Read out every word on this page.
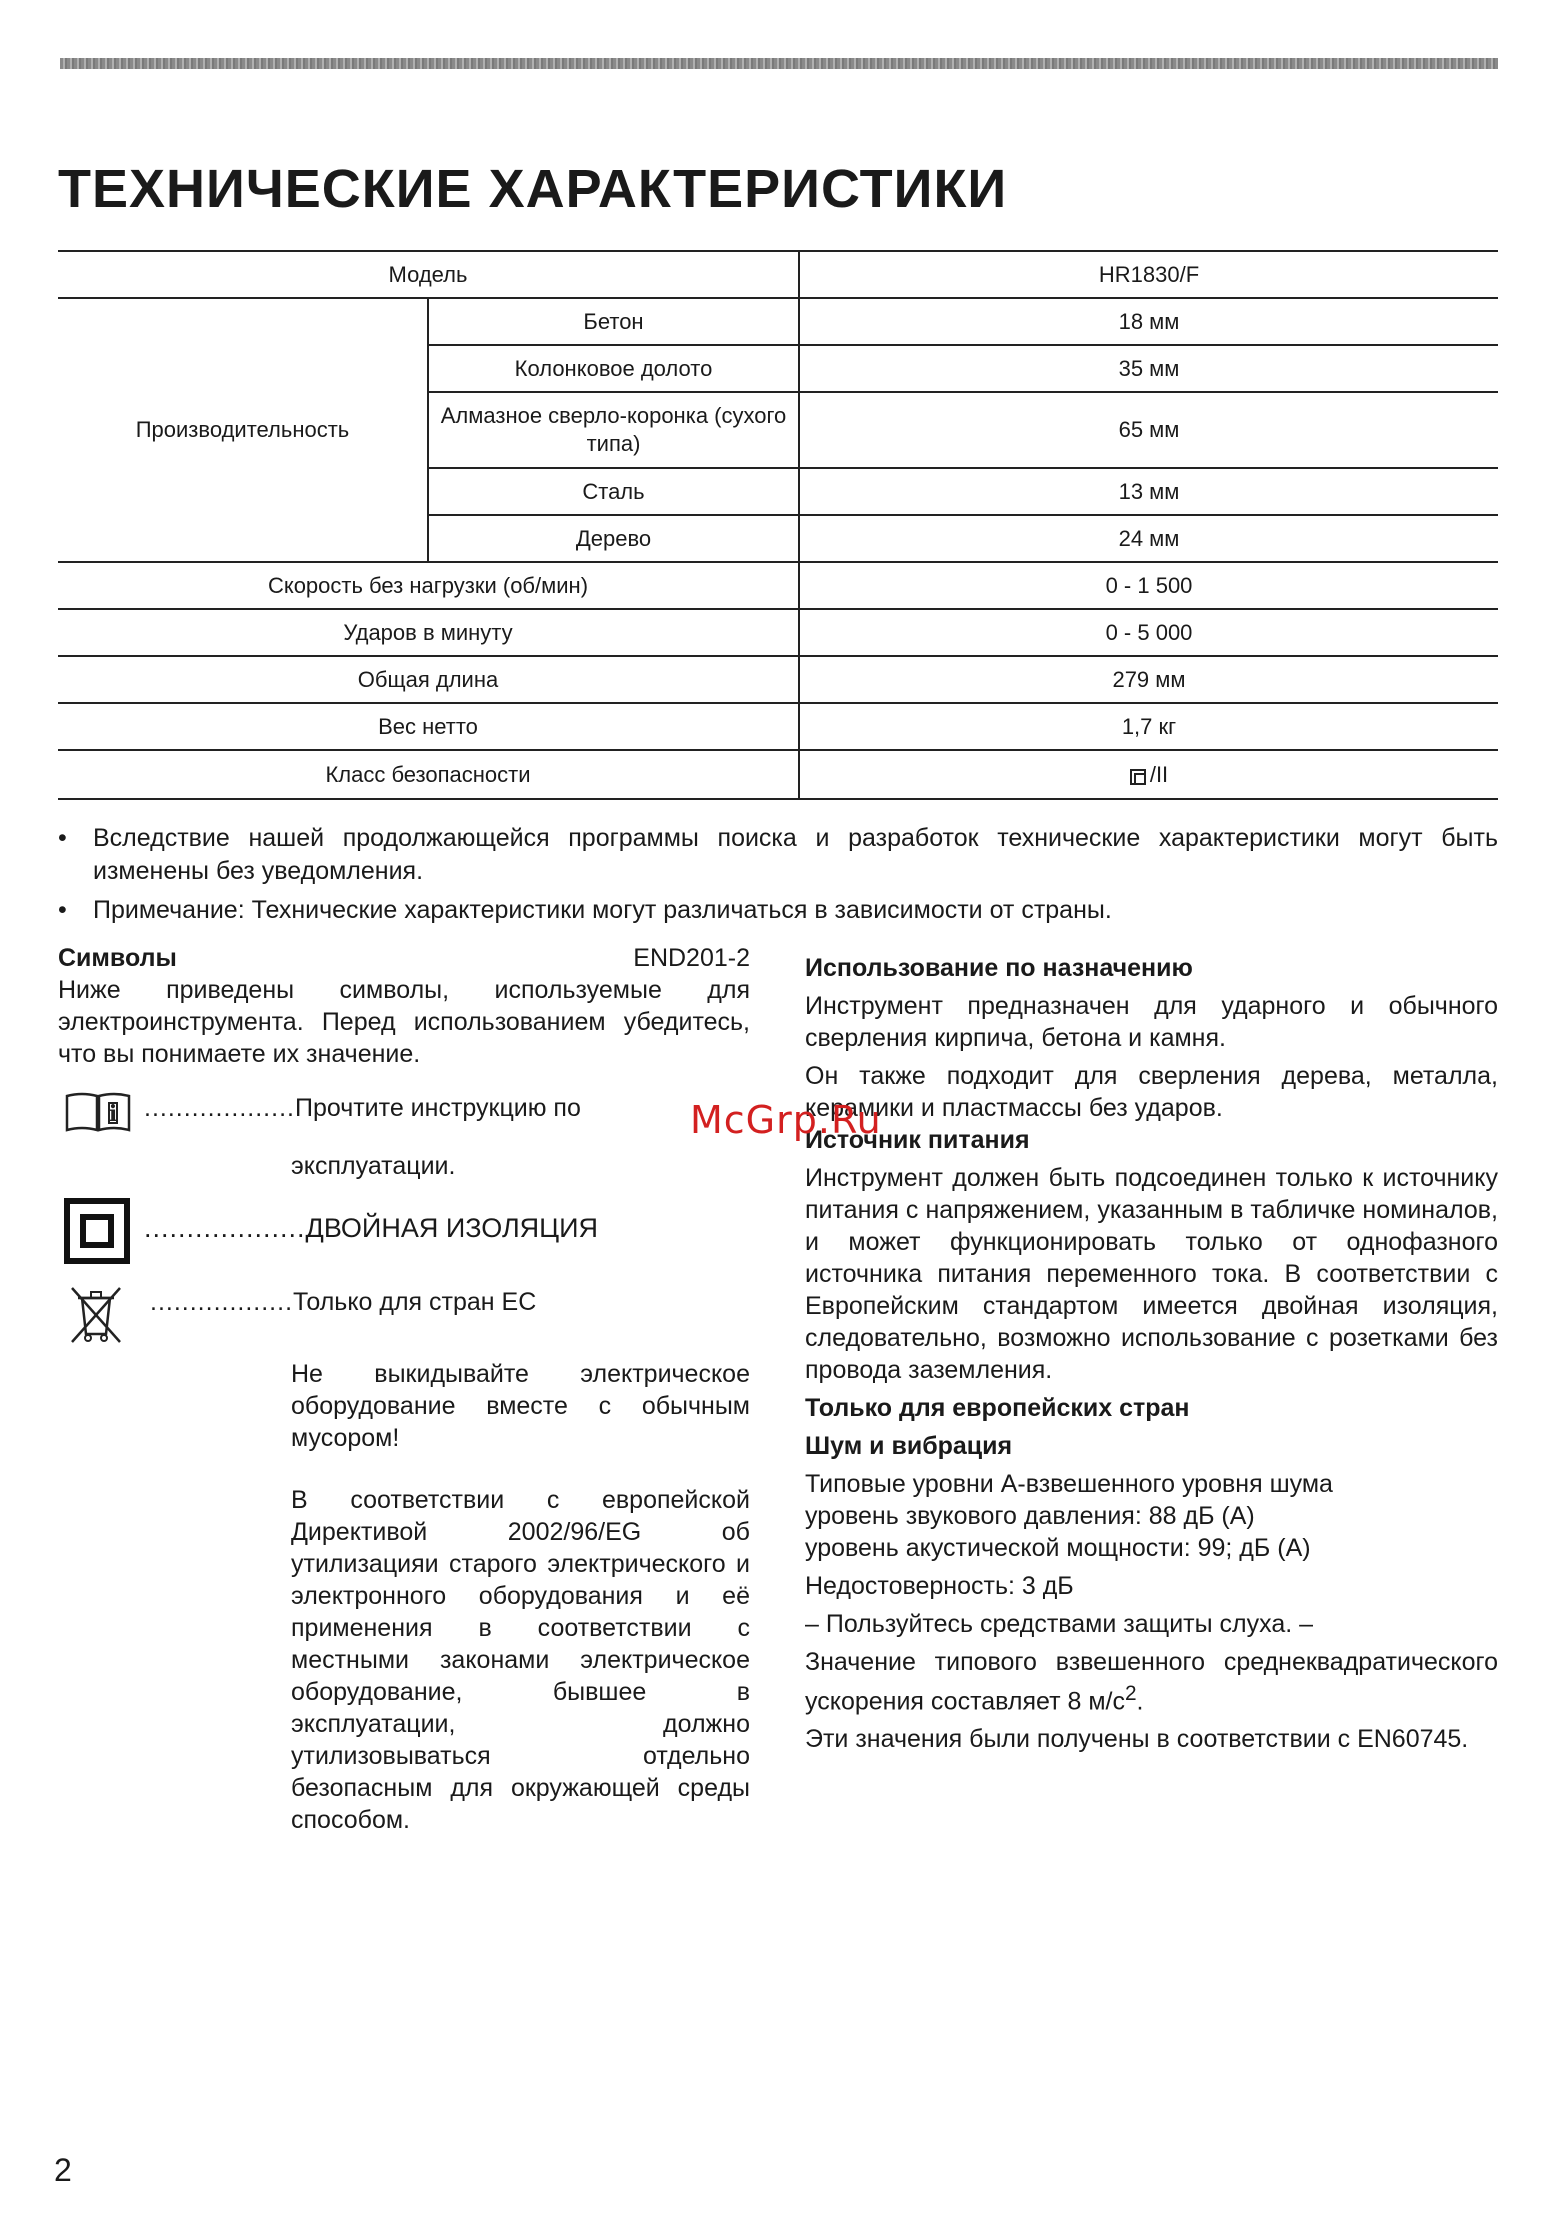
ТЕХНИЧЕСКИЕ ХАРАКТЕРИСТИКИ
Модель		HR1830/F
Производительность	Бетон	18 мм
	Колонковое долото	35 мм
	Алмазное сверло-коронка (сухого типа)	65 мм
	Сталь	13 мм
	Дерево	24 мм
Скорость без нагрузки (об/мин)		0 - 1 500
Ударов в минуту		0 - 5 000
Общая длина		279 мм
Вес нетто		1,7 кг
Класс безопасности		/II
• Вследствие нашей продолжающейся программы поиска и разработок технические характеристики могут быть изменены без уведомления.
• Примечание: Технические характеристики могут различаться в зависимости от страны.
Символы	END201-2

Ниже приведены символы, используемые для электроинструмента. Перед использованием убедитесь, что вы понимаете их значение.

i ...................Прочтите инструкцию по
эксплуатации.
...................ДВОЙНАЯ ИЗОЛЯЦИЯ
..................Только для стран ЕС

Не выкидывайте электрическое оборудование вместе с обычным мусором!

В соответствии с европейской Директивой 2002/96/EG об утилизацияи старого электрического и электронного оборудования и её применения в соответствии с местными законами электрическое оборудование, бывшее в эксплуатации, должно утилизовываться отдельно безопасным для окружающей среды способом.

Использование по назначению

Инструмент предназначен для ударного и обычного сверления кирпича, бетона и камня.

Он также подходит для сверления дерева, металла, керамики и пластмассы без ударов.

Источник питания

Инструмент должен быть подсоединен только к источнику питания с напряжением, указанным в табличке номиналов, и может функционировать только от однофазного источника питания переменного тока. В соответствии с Европейским стандартом имеется двойная изоляция, следовательно, возможно использование с розетками без провода заземления.

Только для европейских стран
Шум и вибрация
Типовые уровни А-взвешенного уровня шума
уровень звукового давления: 88 дБ (А)
уровень акустической мощности: 99; дБ (А)

Недостоверность: 3 дБ

– Пользуйтесь средствами защиты слуха. –

Значение типового взвешенного среднеквадратического ускорения составляет 8 $м/с^2$.

Эти значения были получены в соответствии с EN60745.

McGrp.Ru
2
